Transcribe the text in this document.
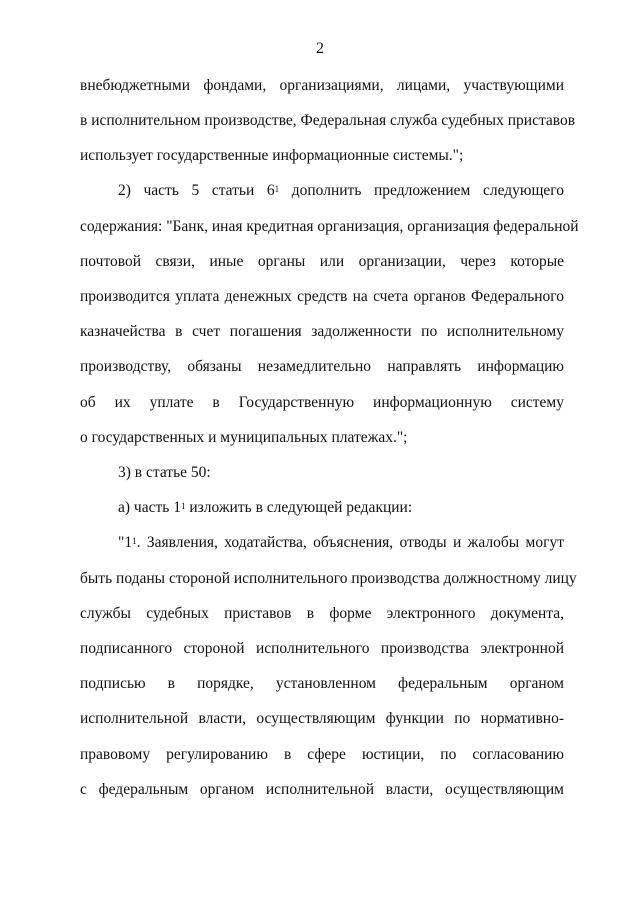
2
внебюджетными фондами, организациями, лицами, участвующими
в исполнительном производстве, Федеральная служба судебных приставов
использует государственные информационные системы.";
2) часть 5 статьи $6^1$ дополнить предложением следующего
содержания: "Банк, иная кредитная организация, организация федеральной
почтовой связи, иные органы или организации, через которые
производится уплата денежных средств на счета органов Федерального
казначейства в счет погашения задолженности по исполнительному
производству, обязаны незамедлительно направлять информацию
об их уплате в Государственную информационную систему
о государственных и муниципальных платежах.";
3) в статье 50:
а) часть $1^1$ изложить в следующей редакции:
"$1^1$. Заявления, ходатайства, объяснения, отводы и жалобы могут
быть поданы стороной исполнительного производства должностному лицу
службы судебных приставов в форме электронного документа,
подписанного стороной исполнительного производства электронной
подписью в порядке, установленном федеральным органом
исполнительной власти, осуществляющим функции по нормативно-
правовому регулированию в сфере юстиции, по согласованию
с федеральным органом исполнительной власти, осуществляющим
